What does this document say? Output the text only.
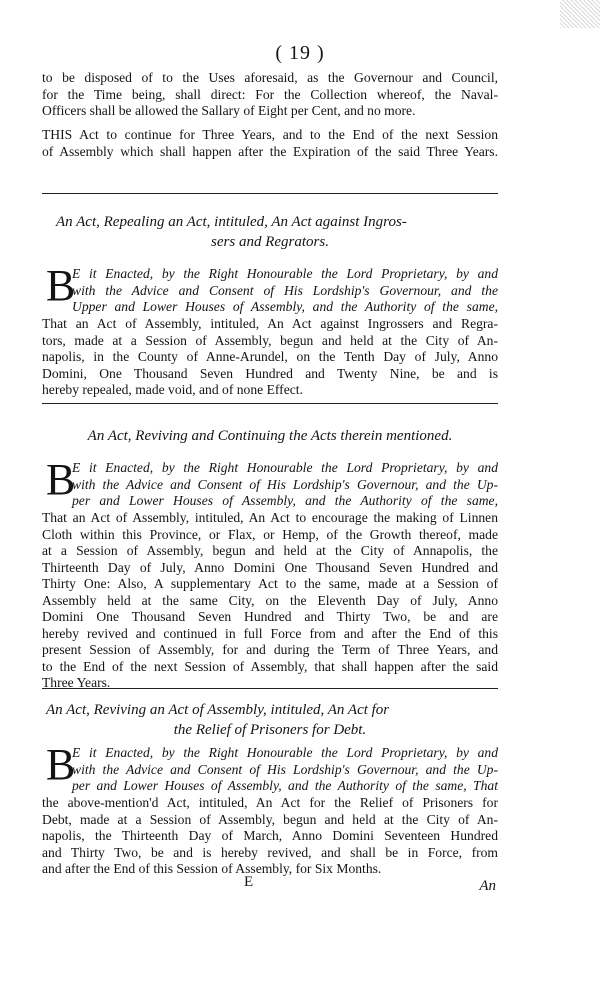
( 19 )
to be disposed of to the Uses aforesaid, as the Governour and Council,
for the Time being, shall direct: For the Collection whereof, the Naval-
Officers shall be allowed the Sallary of Eight per Cent, and no more.
THIS Act to continue for Three Years, and to the End of the next Session
of Assembly which shall happen after the Expiration of the said Three Years.
An Act, Repealing an Act, intituled, An Act against Ingros-
sers and Regrators.
B
E it Enacted, by the Right Honourable the Lord Proprietary, by and
with the Advice and Consent of His Lordship's Governour, and the
Upper and Lower Houses of Assembly, and the Authority of the same,
That an Act of Assembly, intituled, An Act against Ingrossers and Regra-
tors, made at a Session of Assembly, begun and held at the City of An-
napolis, in the County of Anne-Arundel, on the Tenth Day of July, Anno
Domini, One Thousand Seven Hundred and Twenty Nine, be and is
hereby repealed, made void, and of none Effect.
An Act, Reviving and Continuing the Acts therein mentioned.
B
E it Enacted, by the Right Honourable the Lord Proprietary, by and
with the Advice and Consent of His Lordship's Governour, and the Up-
per and Lower Houses of Assembly, and the Authority of the same,
That an Act of Assembly, intituled, An Act to encourage the making of Linnen
Cloth within this Province, or Flax, or Hemp, of the Growth thereof, made
at a Session of Assembly, begun and held at the City of Annapolis, the
Thirteenth Day of July, Anno Domini One Thousand Seven Hundred and
Thirty One: Also, A supplementary Act to the same, made at a Session of
Assembly held at the same City, on the Eleventh Day of July, Anno
Domini One Thousand Seven Hundred and Thirty Two, be and are
hereby revived and continued in full Force from and after the End of this
present Session of Assembly, for and during the Term of Three Years, and
to the End of the next Session of Assembly, that shall happen after the said
Three Years.
An Act, Reviving an Act of Assembly, intituled, An Act for
the Relief of Prisoners for Debt.
B
E it Enacted, by the Right Honourable the Lord Proprietary, by and
with the Advice and Consent of His Lordship's Governour, and the Up-
per and Lower Houses of Assembly, and the Authority of the same, That
the above-mention'd Act, intituled, An Act for the Relief of Prisoners for
Debt, made at a Session of Assembly, begun and held at the City of An-
napolis, the Thirteenth Day of March, Anno Domini Seventeen Hundred
and Thirty Two, be and is hereby revived, and shall be in Force, from
and after the End of this Session of Assembly, for Six Months.
E	An
